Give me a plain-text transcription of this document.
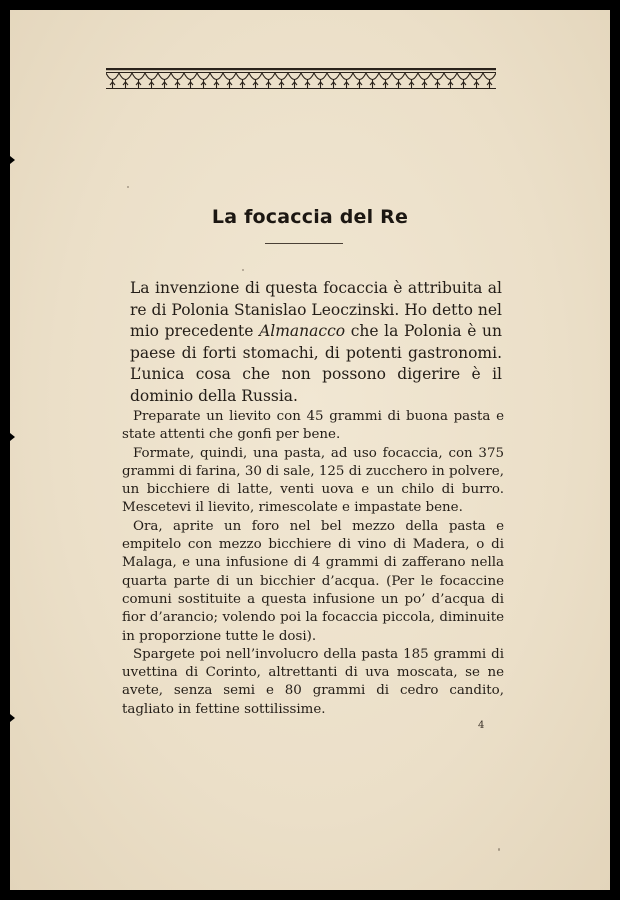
La focaccia del Re
La invenzione di questa focaccia è attribuita al re di Polonia Stanislao Leoczinski. Ho detto nel mio precedente Almanacco che la Polonia è un paese di forti stomachi, di potenti gastronomi. L’unica cosa che non possono digerire è il dominio della Russia.

Preparate un lievito con 45 grammi di buona pasta e state attenti che gonfi per bene.

Formate, quindi, una pasta, ad uso focaccia, con 375 grammi di farina, 30 di sale, 125 di zucchero in polvere, un bicchiere di latte, venti uova e un chilo di burro. Mescetevi il lievito, rimescolate e impastate bene.

Ora, aprite un foro nel bel mezzo della pasta e empitelo con mezzo bicchiere di vino di Madera, o di Malaga, e una infusione di 4 grammi di zafferano nella quarta parte di un bicchier d’acqua. (Per le focaccine comuni sostituite a questa infusione un po’ d’acqua di fior d’arancio; volendo poi la focaccia piccola, diminuite in proporzione tutte le dosi).

Spargete poi nell’involucro della pasta 185 grammi di uvettina di Corinto, altrettanti di uva moscata, se ne avete, senza semi e 80 grammi di cedro candito, tagliato in fettine sottilissime.

4
